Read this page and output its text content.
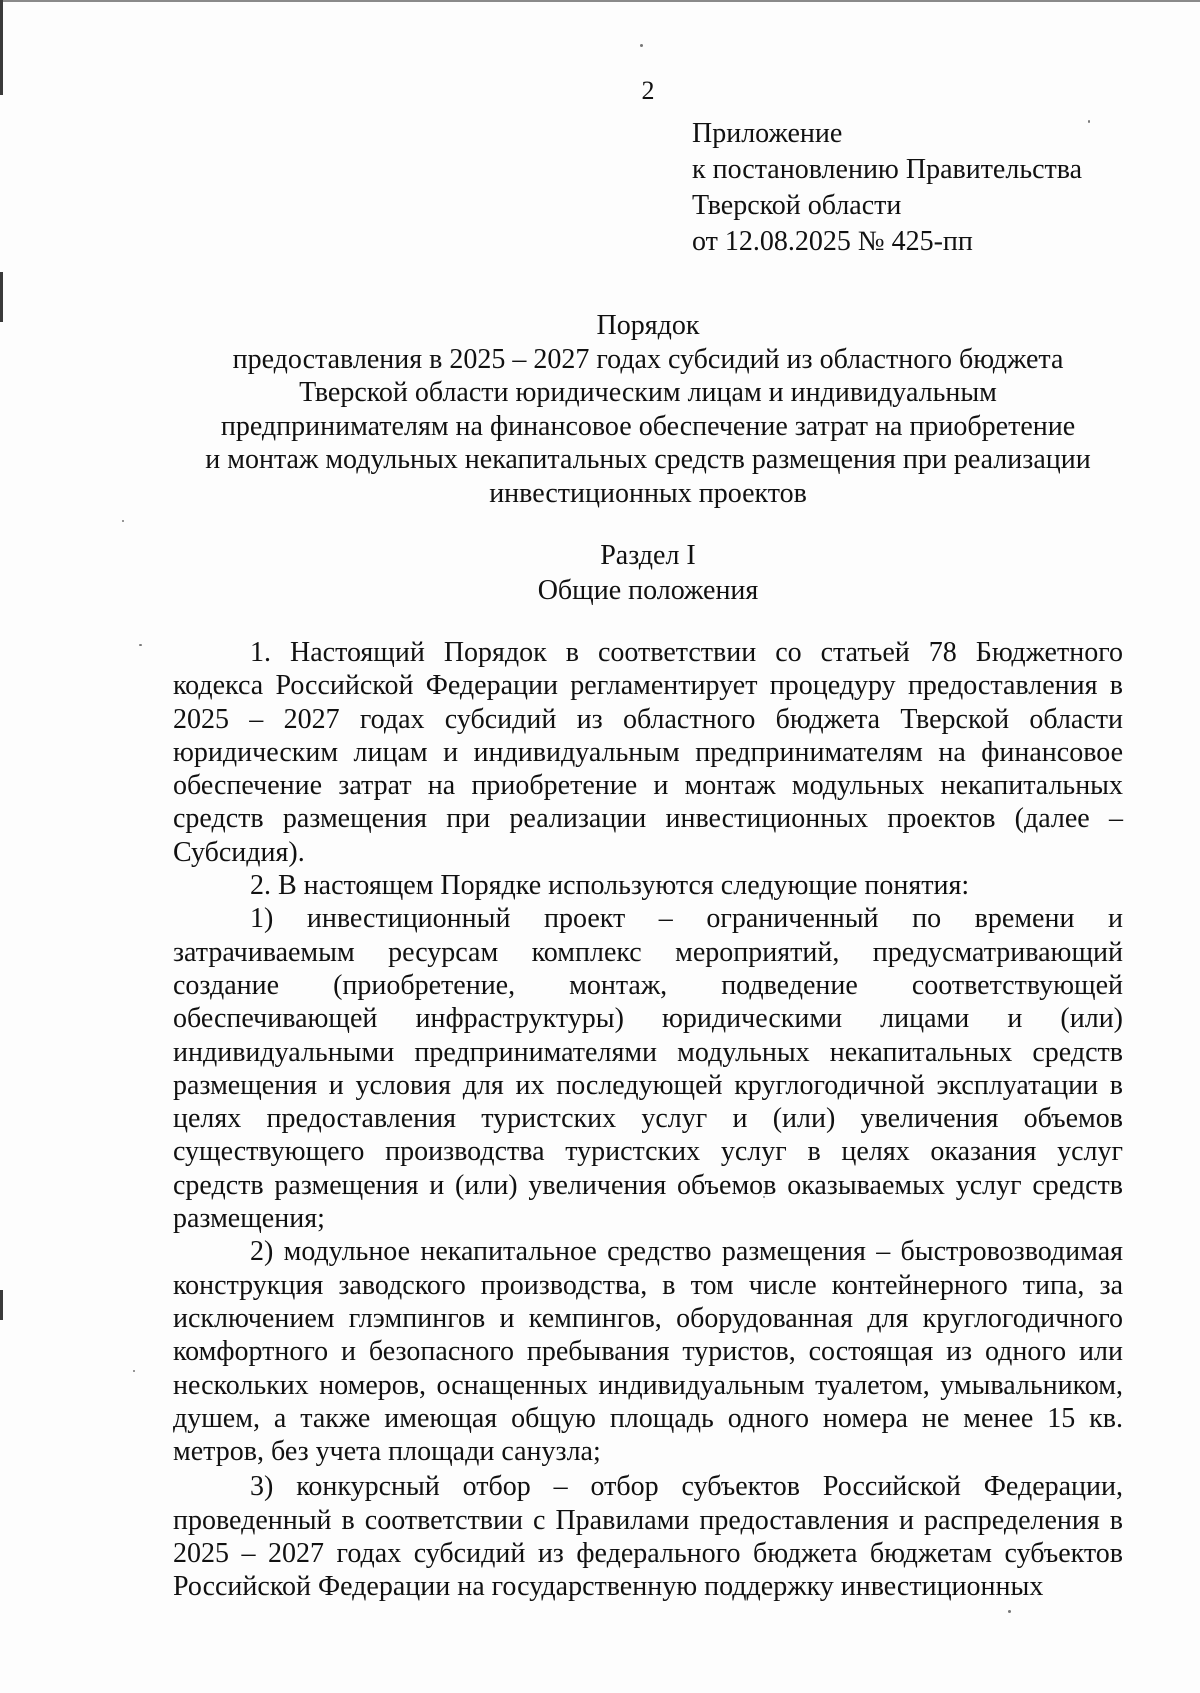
2
Приложение
к постановлению Правительства
Тверской области
от 12.08.2025 № 425-пп
Порядок
предоставления в 2025 – 2027 годах субсидий из областного бюджета
Тверской области юридическим лицам и индивидуальным
предпринимателям на финансовое обеспечение затрат на приобретение
и монтаж модульных некапитальных средств размещения при реализации
инвестиционных проектов
Раздел I
Общие положения

1. Настоящий Порядок в соответствии со статьей 78 Бюджетного кодекса Российской Федерации регламентирует процедуру предоставления в 2025 – 2027 годах субсидий из областного бюджета Тверской области юридическим лицам и индивидуальным предпринимателям на финансовое обеспечение затрат на приобретение и монтаж модульных некапитальных средств размещения при реализации инвестиционных проектов (далее – Субсидия).

2. В настоящем Порядке используются следующие понятия:

1) инвестиционный проект – ограниченный по времени и затрачиваемым ресурсам комплекс мероприятий, предусматривающий создание (приобретение, монтаж, подведение соответствующей обеспечивающей инфраструктуры) юридическими лицами и (или) индивидуальными предпринимателями модульных некапитальных средств размещения и условия для их последующей круглогодичной эксплуатации в целях предоставления туристских услуг и (или) увеличения объемов существующего производства туристских услуг в целях оказания услуг средств размещения и (или) увеличения объемов оказываемых услуг средств размещения;

2) модульное некапитальное средство размещения – быстровозводимая конструкция заводского производства, в том числе контейнерного типа, за исключением глэмпингов и кемпингов, оборудованная для круглогодичного комфортного и безопасного пребывания туристов, состоящая из одного или нескольких номеров, оснащенных индивидуальным туалетом, умывальником, душем, а также имеющая общую площадь одного номера не менее 15 кв. метров, без учета площади санузла;

3) конкурсный отбор – отбор субъектов Российской Федерации, проведенный в соответствии с Правилами предоставления и распределения в 2025 – 2027 годах субсидий из федерального бюджета бюджетам субъектов Российской Федерации на государственную поддержку инвестиционных
